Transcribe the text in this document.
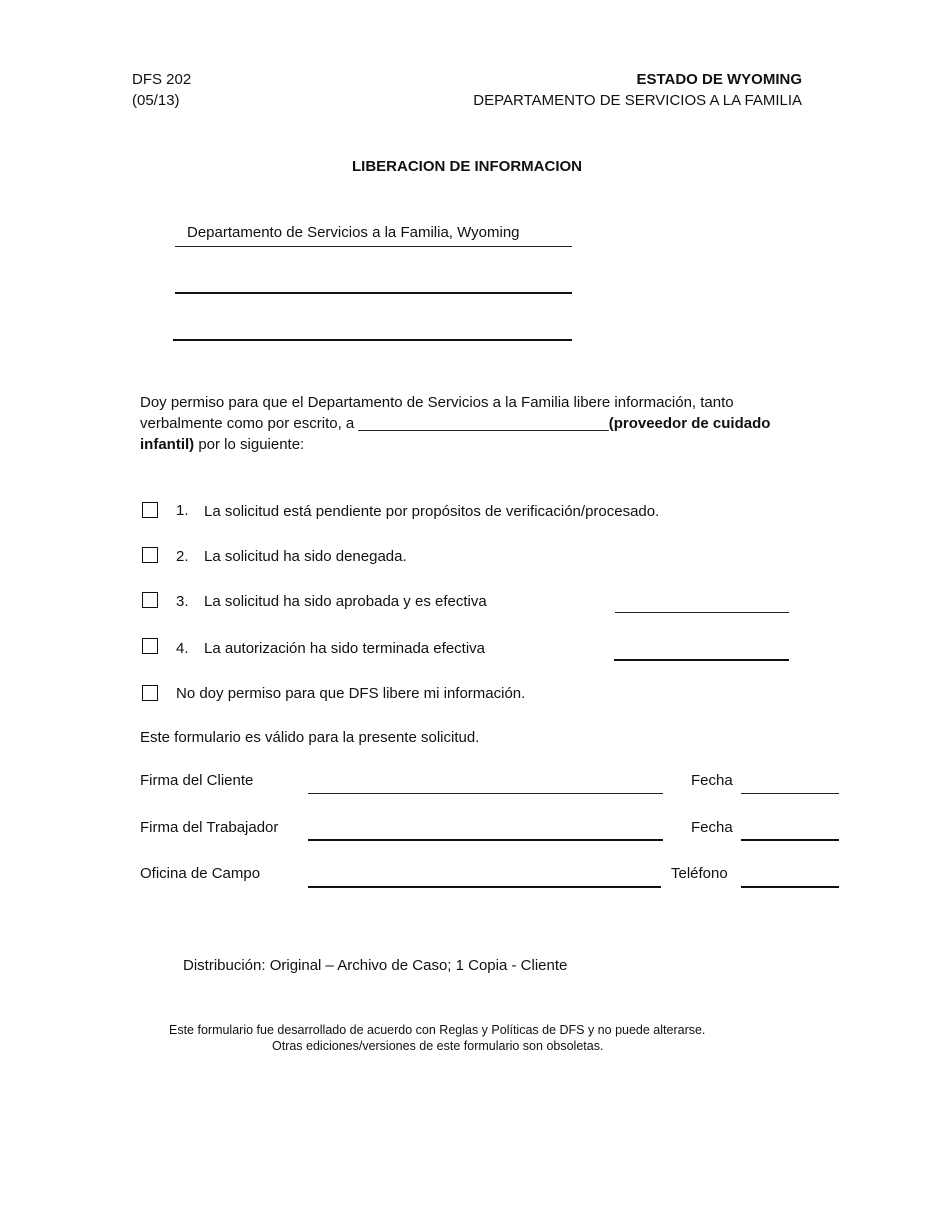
DFS 202
(05/13)
ESTADO DE WYOMING
DEPARTAMENTO DE SERVICIOS A LA FAMILIA
LIBERACION DE INFORMACION
Departamento de Servicios a la Familia, Wyoming
Doy permiso para que el Departamento de Servicios a la Familia libere información, tanto verbalmente como por escrito, a ______________________________(proveedor de cuidado infantil) por lo siguiente:
1. La solicitud está pendiente por propósitos de verificación/procesado.
2. La solicitud ha sido denegada.
3. La solicitud ha sido aprobada y es efectiva
4. La autorización ha sido terminada efectiva
No doy permiso para que DFS libere mi información.
Este formulario es válido para la presente solicitud.
Firma del Cliente	Fecha
Firma del Trabajador	Fecha
Oficina de Campo	Teléfono
Distribución: Original – Archivo de Caso; 1 Copia - Cliente
Este formulario fue desarrollado de acuerdo con Reglas y Políticas de DFS y no puede alterarse.
Otras ediciones/versiones de este formulario son obsoletas.
